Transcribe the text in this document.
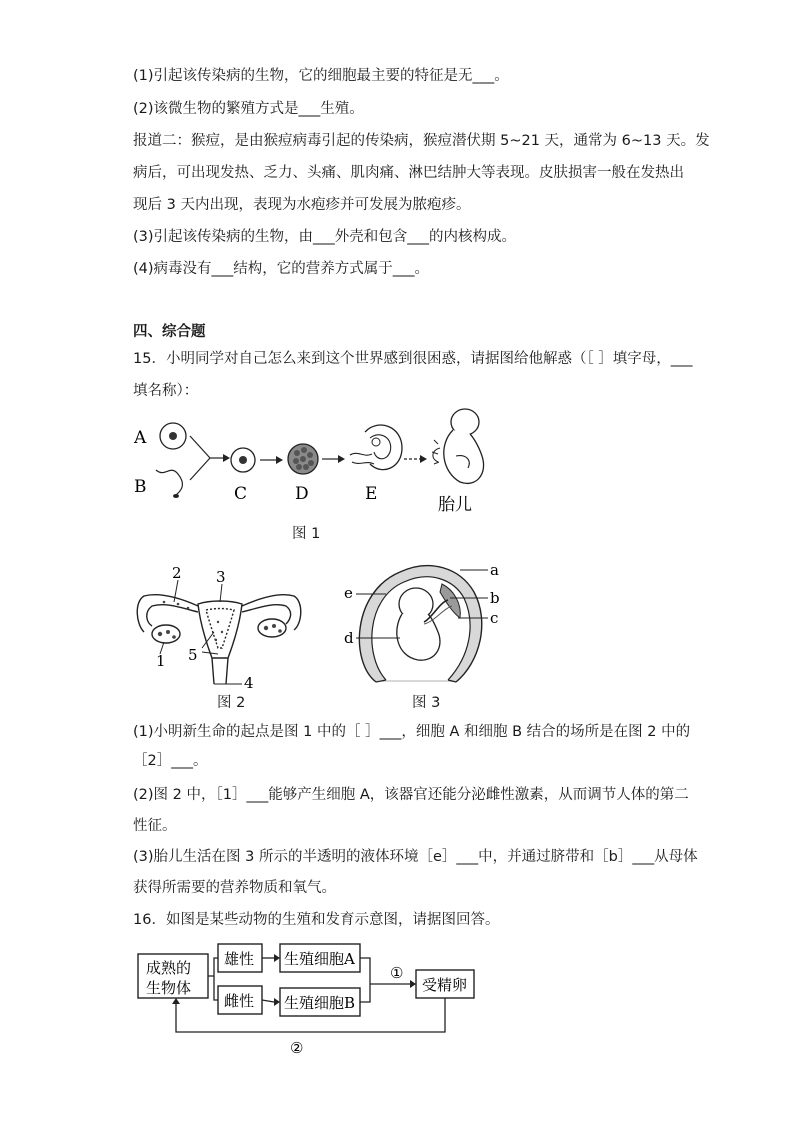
(1)引起该传染病的生物，它的细胞最主要的特征是无___。
(2)该微生物的繁殖方式是___生殖。
报道二：猴痘，是由猴痘病毒引起的传染病，猴痘潜伏期 5~21 天，通常为 6~13 天。发
病后，可出现发热、乏力、头痛、肌肉痛、淋巴结肿大等表现。皮肤损害一般在发热出
现后 3 天内出现，表现为水疱疹并可发展为脓疱疹。
(3)引起该传染病的生物，由___外壳和包含___的内核构成。
(4)病毒没有___结构，它的营养方式属于___。
四、综合题
15．小明同学对自己怎么来到这个世界感到很困惑，请据图给他解惑（［ ］填字母，___
填名称）：
A
B	C	D	E
胎儿
图 1
2 3
1 5
4
图 2
a
b
c
e
d
图 3
(1)小明新生命的起点是图 1 中的［ ］___，细胞 A 和细胞 B 结合的场所是在图 2 中的
［2］___。
(2)图 2 中，［1］___能够产生细胞 A，该器官还能分泌雌性激素，从而调节人体的第二
性征。
(3)胎儿生活在图 3 所示的半透明的液体环境［e］___中，并通过脐带和［b］___从母体
获得所需要的营养物质和氧气。
16．如图是某些动物的生殖和发育示意图，请据图回答。
成熟的
生物体
雄性
雌性
生殖细胞A
生殖细胞B
受精卵
①
②
